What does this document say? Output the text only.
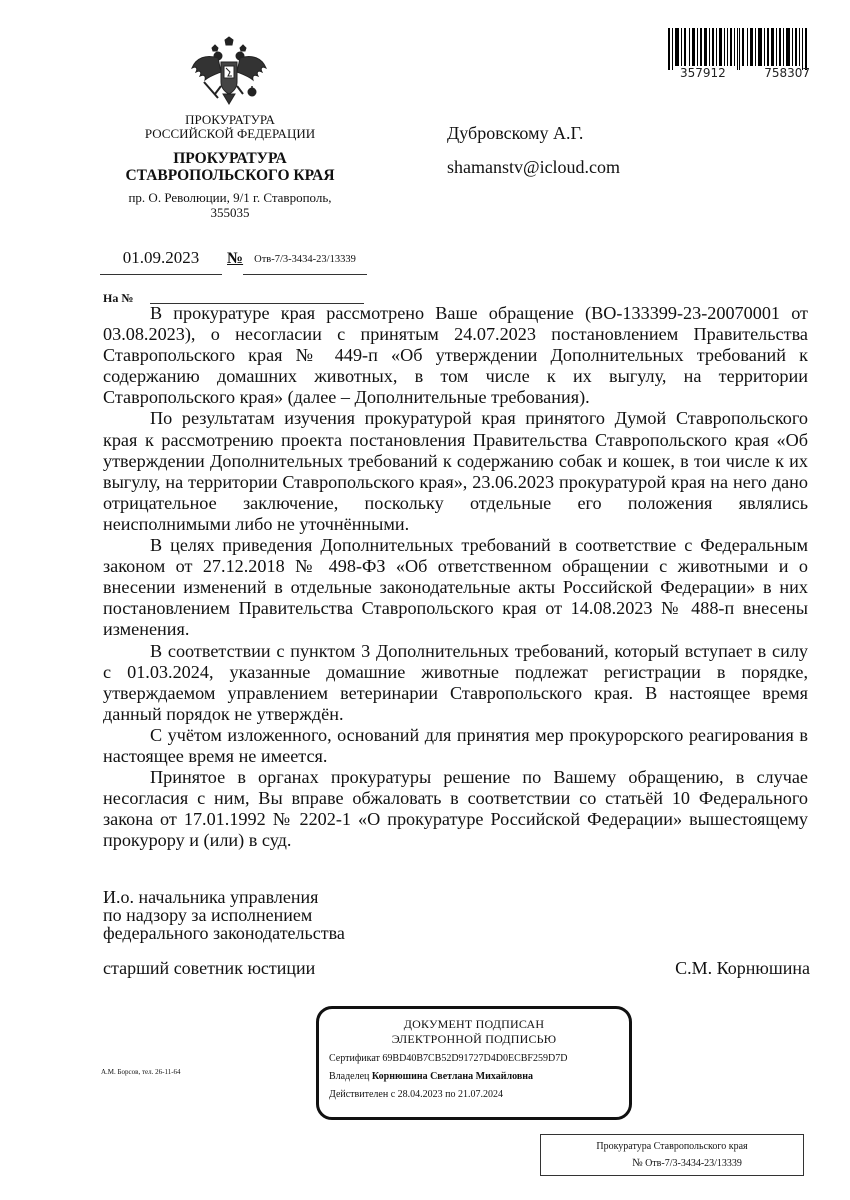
ПРОКУРАТУРА
РОССИЙСКОЙ ФЕДЕРАЦИИ
ПРОКУРАТУРА
СТАВРОПОЛЬСКОГО КРАЯ
пр. О. Революции, 9/1 г. Ставрополь,
355035
357912	758307
Дубровскому А.Г.
shamanstv@icloud.com
01.09.2023	№	Отв-7/3-3434-23/13339
На №

В прокуратуре края рассмотрено Ваше обращение (ВО-133399-23-20070001 от 03.08.2023), о несогласии с принятым 24.07.2023 постановлением Правительства Ставропольского края № 449-п «Об утверждении Дополнительных требований к содержанию домашних животных, в том числе к их выгулу, на территории Ставропольского края» (далее – Дополнительные требования).

По результатам изучения прокуратурой края принятого Думой Ставропольского края к рассмотрению проекта постановления Правительства Ставропольского края «Об утверждении Дополнительных требований к содержанию собак и кошек, в тои числе к их выгулу, на территории Ставропольского края», 23.06.2023 прокуратурой края на него дано отрицательное заключение, поскольку отдельные его положения являлись неисполнимыми либо не уточнёнными.

В целях приведения Дополнительных требований в соответствие с Федеральным законом от 27.12.2018 № 498-ФЗ «Об ответственном обращении с животными и о внесении изменений в отдельные законодательные акты Российской Федерации» в них постановлением Правительства Ставропольского края от 14.08.2023 № 488-п внесены изменения.

В соответствии с пунктом 3 Дополнительных требований, который вступает в силу с 01.03.2024, указанные домашние животные подлежат регистрации в порядке, утверждаемом управлением ветеринарии Ставропольского края. В настоящее время данный порядок не утверждён.

С учётом изложенного, оснований для принятия мер прокурорского реагирования в настоящее время не имеется.

Принятое в органах прокуратуры решение по Вашему обращению, в случае несогласия с ним, Вы вправе обжаловать в соответствии со статьёй 10 Федерального закона от 17.01.1992 № 2202-1 «О прокуратуре Российской Федерации» вышестоящему прокурору и (или) в суд.

И.о. начальника управления
по надзору за исполнением
федерального законодательства
старший советник юстиции	С.М. Корнюшина
ДОКУМЕНТ ПОДПИСАН
ЭЛЕКТРОННОЙ ПОДПИСЬЮ
Сертификат 69BD40B7CB52D91727D4D0ECBF259D7D
Владелец Корнюшина Светлана Михайловна
Действителен с 28.04.2023 по 21.07.2024
А.М. Борсов, тел. 26-11-64
Прокуратура Ставропольского края
№ Отв-7/3-3434-23/13339
